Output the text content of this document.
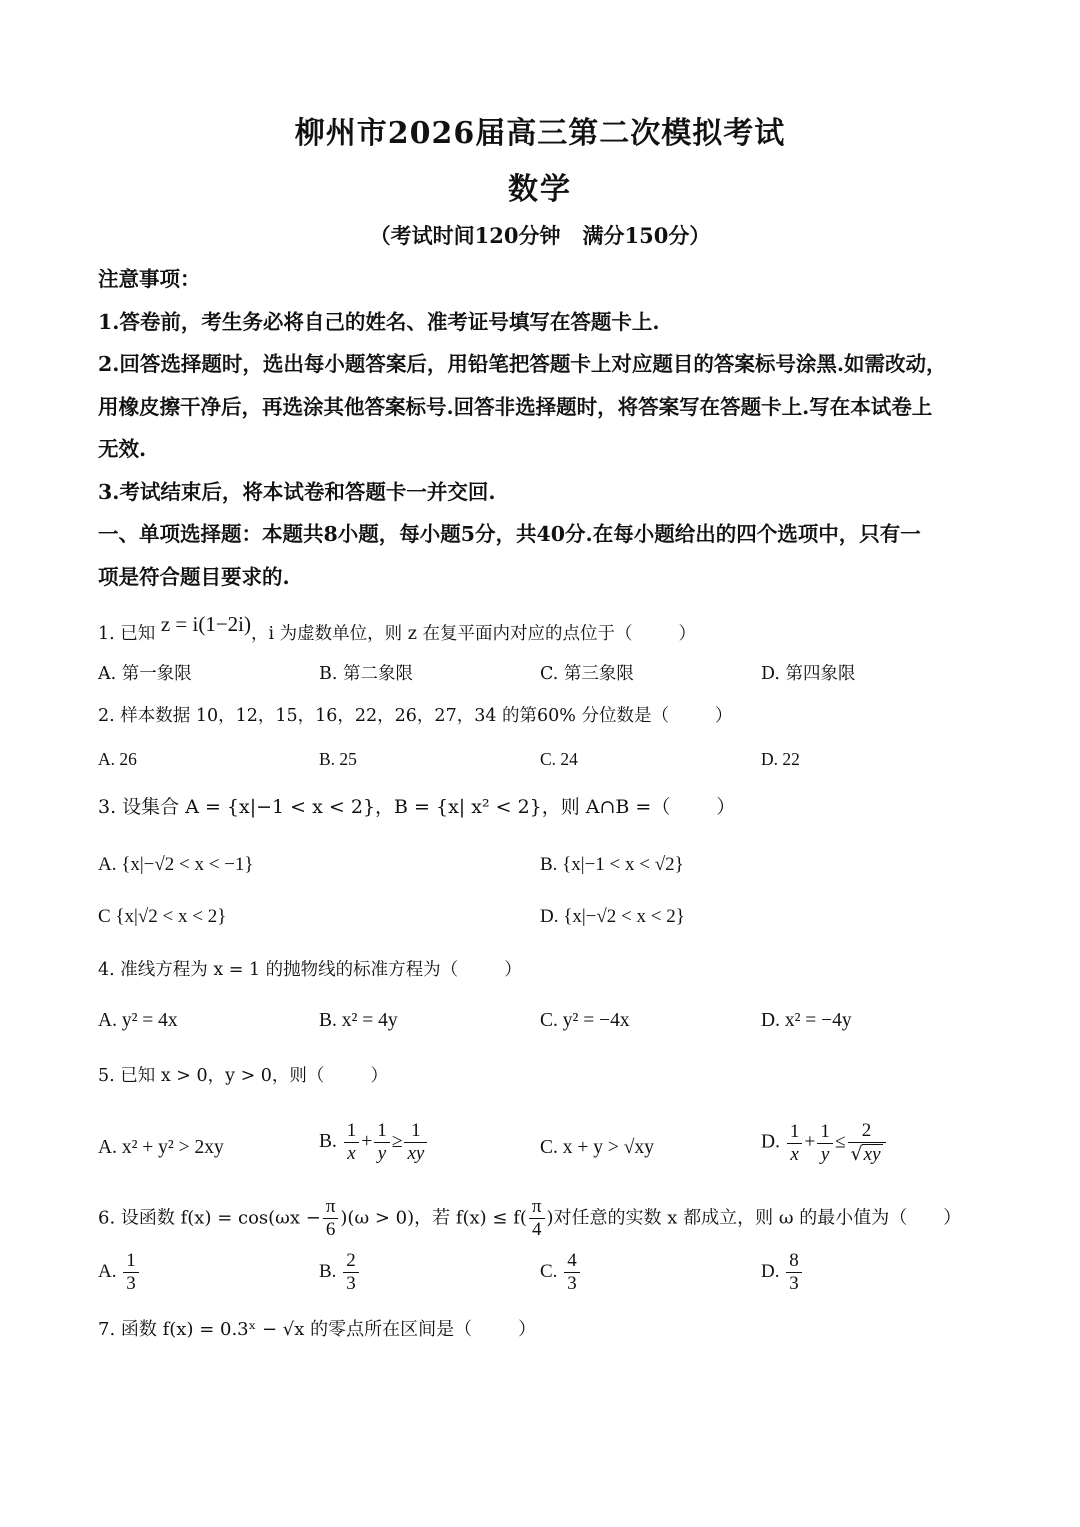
柳州市2026届高三第二次模拟考试
数学
（考试时间120分钟 满分150分）

注意事项：

1.答卷前，考生务必将自己的姓名、准考证号填写在答题卡上.

2.回答选择题时，选出每小题答案后，用铅笔把答题卡上对应题目的答案标号涂黑.如需改动，

用橡皮擦干净后，再选涂其他答案标号.回答非选择题时，将答案写在答题卡上.写在本试卷上

无效.

3.考试结束后，将本试卷和答题卡一并交回.

一、单项选择题：本题共8小题，每小题5分，共40分.在每小题给出的四个选项中，只有一

项是符合题目要求的.

1. 已知 z = i(1−2i)，i 为虚数单位，则 z 在复平面内对应的点位于（	）
A. 第一象限	B. 第二象限	C. 第三象限	D. 第四象限
2. 样本数据 10，12，15，16，22，26，27，34 的第60% 分位数是（	）
A. 26	B. 25	C. 24	D. 22
3. 设集合 A = {x|−1 < x < 2}，B = {x| x² < 2}，则 A∩B =（ ）
A. {x|−√2 < x < −1}	B. {x|−1 < x < √2}
C {x|√2 < x < 2}	D. {x|−√2 < x < 2}
4. 准线方程为 x = 1 的抛物线的标准方程为（	）
A. y² = 4x	B. x² = 4y	C. y² = −4x	D. x² = −4y
5. 已知 x > 0，y > 0，则（	）
A. x² + y² > 2xy	B. $\frac{1}{x} + \frac{1}{y} \ge \frac{1}{xy}$	C. x + y > √xy	D. $\frac{1}{x} + \frac{1}{y} \le \frac{2}{√xy}$
6. 设函数 $f(x) = \cos(\omega x - \frac{\pi}{6} )(\omega > 0)$，若 $f(x) \le f( \frac{\pi}{4}$ )对任意的实数 x 都成立，则 ω 的最小值为（ ）
A. $\frac{1}{3}$	B. $\frac{2}{3}$	C. $\frac{4}{3}$	D. $\frac{8}{3}$
7. 函数 f(x) = 0.3ˣ − √x 的零点所在区间是（	）
